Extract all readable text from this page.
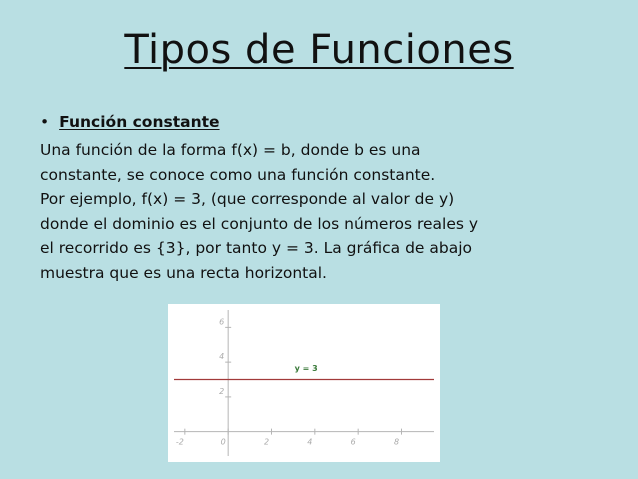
Tipos de Funciones
• Función constante
Una función de la forma f(x) = b, donde b es una
constante, se conoce como una función constante.
Por ejemplo, f(x) = 3, (que corresponde al valor de y)
donde el dominio es el conjunto de los números reales y
el recorrido es {3}, por tanto y = 3. La gráfica de abajo
muestra que es una recta horizontal.
-2	0	2	4	6	8
2
4
6
y = 3
